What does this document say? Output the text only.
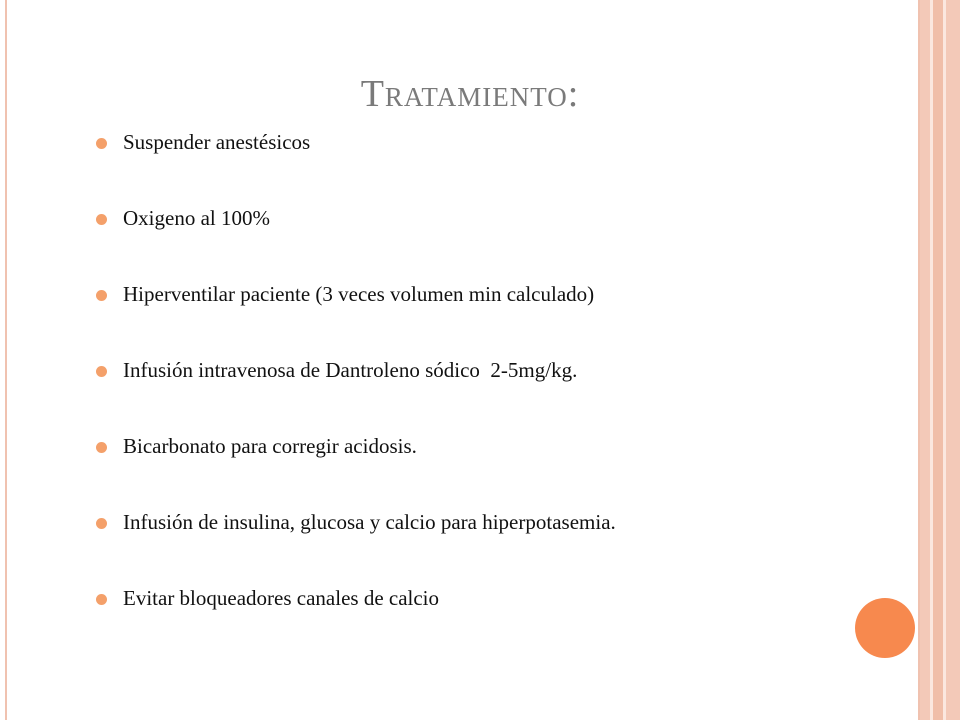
Tratamiento:
Suspender anestésicos
Oxigeno al 100%
Hiperventilar paciente (3 veces volumen min calculado)
Infusión intravenosa de Dantroleno sódico  2-5mg/kg.
Bicarbonato para corregir acidosis.
Infusión de insulina, glucosa y calcio para hiperpotasemia.
Evitar bloqueadores canales de calcio
